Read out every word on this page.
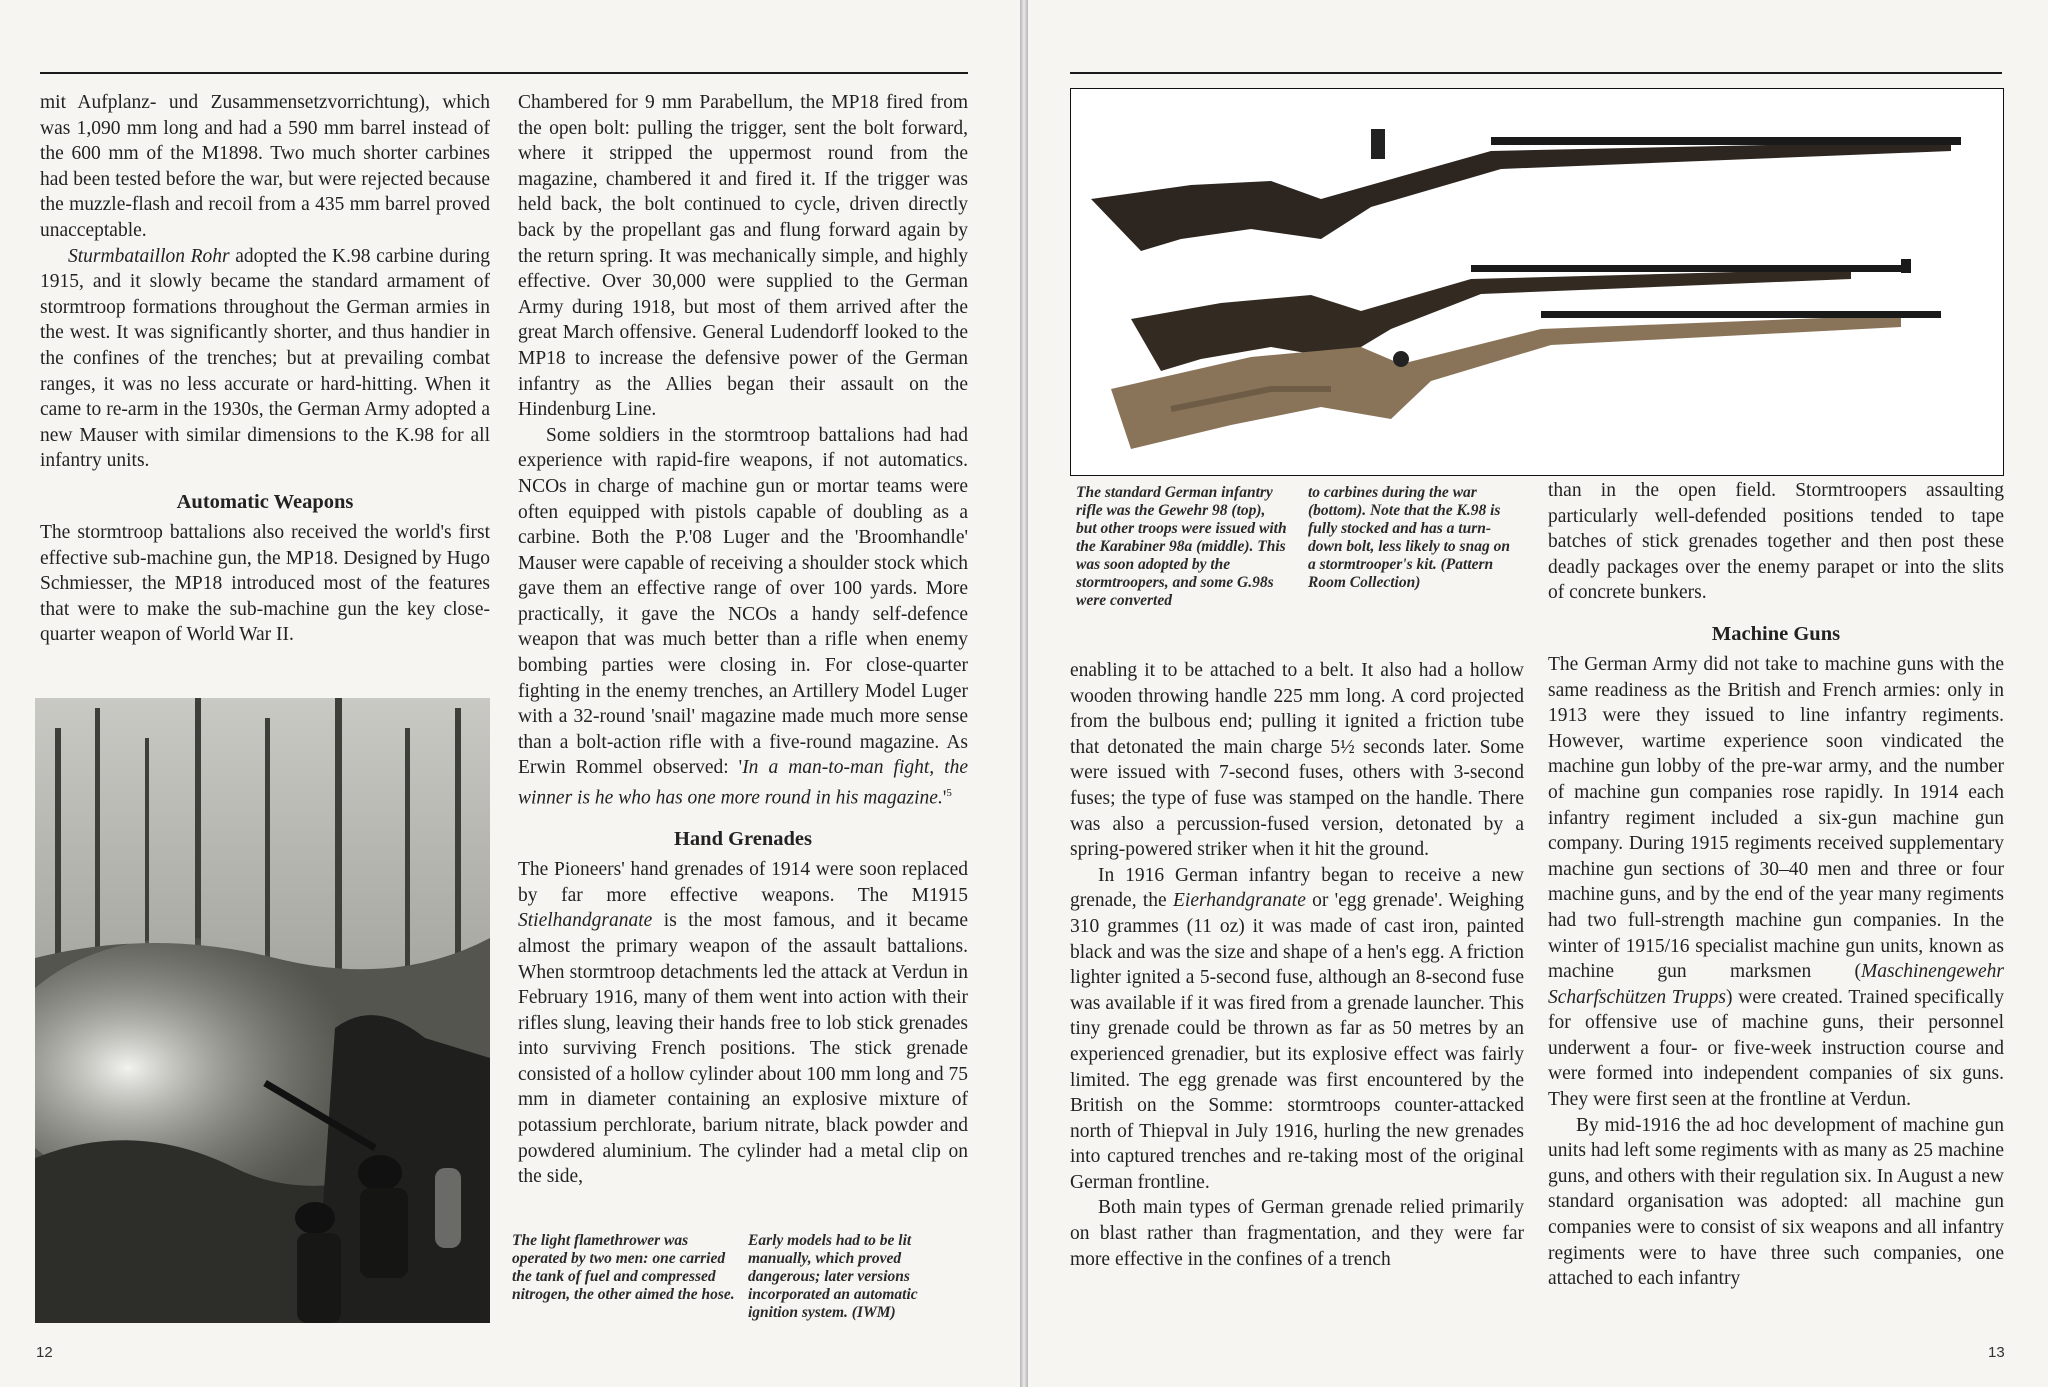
mit Aufplanz- und Zusammensetzvorrichtung), which was 1,090 mm long and had a 590 mm barrel instead of the 600 mm of the M1898. Two much shorter carbines had been tested before the war, but were rejected because the muzzle-flash and recoil from a 435 mm barrel proved unacceptable.

Sturmbataillon Rohr adopted the K.98 carbine during 1915, and it slowly became the standard armament of stormtroop formations throughout the German armies in the west. It was significantly shorter, and thus handier in the confines of the trenches; but at prevailing combat ranges, it was no less accurate or hard-hitting. When it came to re-arm in the 1930s, the German Army adopted a new Mauser with similar dimensions to the K.98 for all infantry units.

Automatic Weapons

The stormtroop battalions also received the world's first effective sub-machine gun, the MP18. Designed by Hugo Schmiesser, the MP18 introduced most of the features that were to make the sub-machine gun the key close-quarter weapon of World War II.

Chambered for 9 mm Parabellum, the MP18 fired from the open bolt: pulling the trigger, sent the bolt forward, where it stripped the uppermost round from the magazine, chambered it and fired it. If the trigger was held back, the bolt continued to cycle, driven directly back by the propellant gas and flung forward again by the return spring. It was mechanically simple, and highly effective. Over 30,000 were supplied to the German Army during 1918, but most of them arrived after the great March offensive. General Ludendorff looked to the MP18 to increase the defensive power of the German infantry as the Allies began their assault on the Hindenburg Line.

Some soldiers in the stormtroop battalions had had experience with rapid-fire weapons, if not automatics. NCOs in charge of machine gun or mortar teams were often equipped with pistols capable of doubling as a carbine. Both the P.'08 Luger and the 'Broomhandle' Mauser were capable of receiving a shoulder stock which gave them an effective range of over 100 yards. More practically, it gave the NCOs a handy self-defence weapon that was much better than a rifle when enemy bombing parties were closing in. For close-quarter fighting in the enemy trenches, an Artillery Model Luger with a 32-round 'snail' magazine made much more sense than a bolt-action rifle with a five-round magazine. As Erwin Rommel observed: 'In a man-to-man fight, the winner is he who has one more round in his $magazine.'^5$

Hand Grenades

The Pioneers' hand grenades of 1914 were soon replaced by far more effective weapons. The M1915 Stielhandgranate is the most famous, and it became almost the primary weapon of the assault battalions. When stormtroop detachments led the attack at Verdun in February 1916, many of them went into action with their rifles slung, leaving their hands free to lob stick grenades into surviving French positions. The stick grenade consisted of a hollow cylinder about 100 mm long and 75 mm in diameter containing an explosive mixture of potassium perchlorate, barium nitrate, black powder and powdered aluminium. The cylinder had a metal clip on the side,

The light flamethrower was operated by two men: one carried the tank of fuel and compressed nitrogen, the other aimed the hose.
Early models had to be lit manually, which proved dangerous; later versions incorporated an automatic ignition system. (IWM)
12
The standard German infantry rifle was the Gewehr 98 (top), but other troops were issued with the Karabiner 98a (middle). This was soon adopted by the stormtroopers, and some G.98s were converted
to carbines during the war (bottom). Note that the K.98 is fully stocked and has a turn-down bolt, less likely to snag on a stormtrooper's kit. (Pattern Room Collection)

enabling it to be attached to a belt. It also had a hollow wooden throwing handle 225 mm long. A cord projected from the bulbous end; pulling it ignited a friction tube that detonated the main charge 5½ seconds later. Some were issued with 7-second fuses, others with 3-second fuses; the type of fuse was stamped on the handle. There was also a percussion-fused version, detonated by a spring-powered striker when it hit the ground.

In 1916 German infantry began to receive a new grenade, the Eierhandgranate or 'egg grenade'. Weighing 310 grammes (11 oz) it was made of cast iron, painted black and was the size and shape of a hen's egg. A friction lighter ignited a 5-second fuse, although an 8-second fuse was available if it was fired from a grenade launcher. This tiny grenade could be thrown as far as 50 metres by an experienced grenadier, but its explosive effect was fairly limited. The egg grenade was first encountered by the British on the Somme: stormtroops counter-attacked north of Thiepval in July 1916, hurling the new grenades into captured trenches and re-taking most of the original German frontline.

Both main types of German grenade relied primarily on blast rather than fragmentation, and they were far more effective in the confines of a trench

than in the open field. Stormtroopers assaulting particularly well-defended positions tended to tape batches of stick grenades together and then post these deadly packages over the enemy parapet or into the slits of concrete bunkers.

Machine Guns

The German Army did not take to machine guns with the same readiness as the British and French armies: only in 1913 were they issued to line infantry regiments. However, wartime experience soon vindicated the machine gun lobby of the pre-war army, and the number of machine gun companies rose rapidly. In 1914 each infantry regiment included a six-gun machine gun company. During 1915 regiments received supplementary machine gun sections of 30–40 men and three or four machine guns, and by the end of the year many regiments had two full-strength machine gun companies. In the winter of 1915/16 specialist machine gun units, known as machine gun marksmen (Maschinengewehr Scharfschützen Trupps) were created. Trained specifically for offensive use of machine guns, their personnel underwent a four- or five-week instruction course and were formed into independent companies of six guns. They were first seen at the frontline at Verdun.

By mid-1916 the ad hoc development of machine gun units had left some regiments with as many as 25 machine guns, and others with their regulation six. In August a new standard organisation was adopted: all machine gun companies were to consist of six weapons and all infantry regiments were to have three such companies, one attached to each infantry

13
